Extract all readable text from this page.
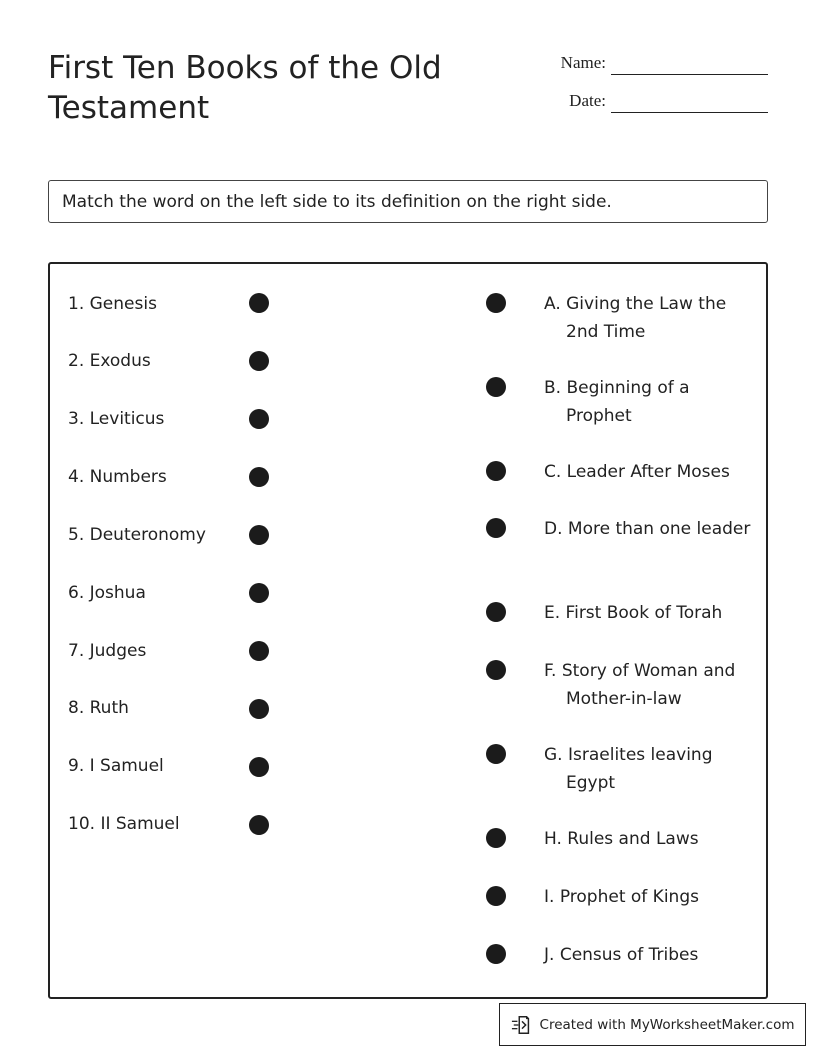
First Ten Books of the Old Testament
Name:
Date:
Match the word on the left side to its definition on the right side.
1. Genesis
2. Exodus
3. Leviticus
4. Numbers
5. Deuteronomy
6. Joshua
7. Judges
8. Ruth
9. I Samuel
10. II Samuel
A. Giving the Law the 2nd Time
B. Beginning of a Prophet
C. Leader After Moses
D. More than one leader
E. First Book of Torah
F. Story of Woman and Mother-in-law
G. Israelites leaving Egypt
H. Rules and Laws
I. Prophet of Kings
J. Census of Tribes
Created with MyWorksheetMaker.com
